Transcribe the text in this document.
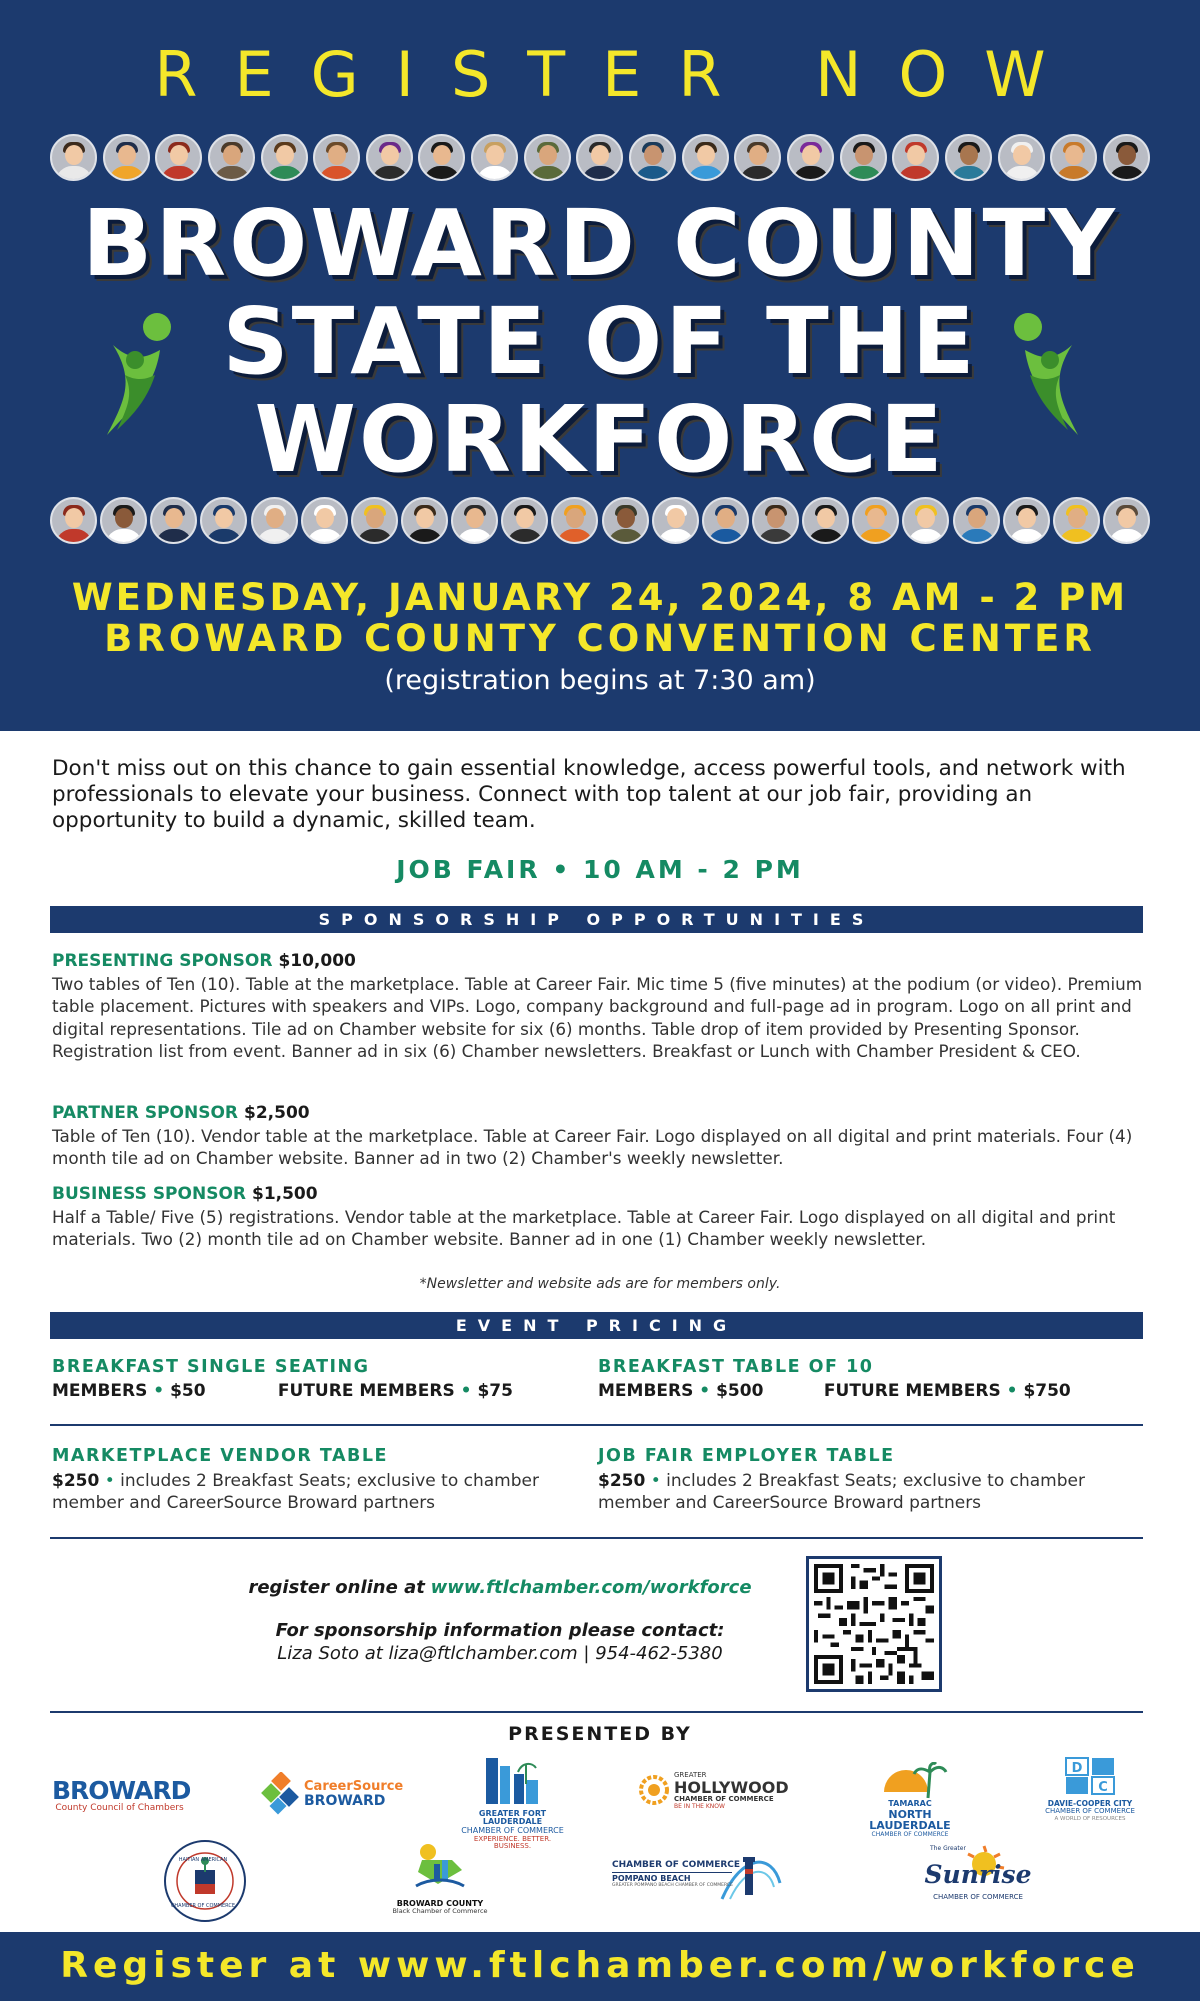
REGISTER NOW
BROWARD COUNTY
STATE OF THE
WORKFORCE
WEDNESDAY, JANUARY 24, 2024, 8 AM - 2 PM
BROWARD COUNTY CONVENTION CENTER
(registration begins at 7:30 am)

Don't miss out on this chance to gain essential knowledge, access powerful tools, and network with professionals to elevate your business. Connect with top talent at our job fair, providing an opportunity to build a dynamic, skilled team.

JOB FAIR • 10 AM - 2 PM
SPONSORSHIP OPPORTUNITIES
PRESENTING SPONSOR $10,000
Two tables of Ten (10). Table at the marketplace. Table at Career Fair. Mic time 5 (five minutes) at the podium (or video). Premium table placement. Pictures with speakers and VIPs. Logo, company background and full-page ad in program. Logo on all print and digital representations. Tile ad on Chamber website for six (6) months. Table drop of item provided by Presenting Sponsor. Registration list from event. Banner ad in six (6) Chamber newsletters. Breakfast or Lunch with Chamber President & CEO.
PARTNER SPONSOR $2,500
Table of Ten (10). Vendor table at the marketplace. Table at Career Fair. Logo displayed on all digital and print materials. Four (4) month tile ad on Chamber website. Banner ad in two (2) Chamber's weekly newsletter.
BUSINESS SPONSOR $1,500
Half a Table/ Five (5) registrations. Vendor table at the marketplace. Table at Career Fair. Logo displayed on all digital and print materials. Two (2) month tile ad on Chamber website. Banner ad in one (1) Chamber weekly newsletter.
*Newsletter and website ads are for members only.
EVENT PRICING
BREAKFAST SINGLE SEATING
MEMBERS • $50	FUTURE MEMBERS • $75
BREAKFAST TABLE OF 10
MEMBERS • $500	FUTURE MEMBERS • $750
MARKETPLACE VENDOR TABLE
$250 • includes 2 Breakfast Seats; exclusive to chamber member and CareerSource Broward partners
JOB FAIR EMPLOYER TABLE
$250 • includes 2 Breakfast Seats; exclusive to chamber member and CareerSource Broward partners
register online at www.ftlchamber.com/workforce
For sponsorship information please contact:
Liza Soto at liza@ftlchamber.com | 954-462-5380
PRESENTED BY
BROWARD
County Council of Chambers
CareerSource
BROWARD
GREATER FORT LAUDERDALE
CHAMBER OF COMMERCE
EXPERIENCE. BETTER. BUSINESS.
GREATER
HOLLYWOOD
CHAMBER OF COMMERCE
BE IN THE KNOW	TAMARAC
NORTH LAUDERDALE
CHAMBER OF COMMERCE
D
C
DAVIE-COOPER CITY
CHAMBER OF COMMERCE
A WORLD OF RESOURCES
HAITIAN AMERICAN
CHAMBER OF COMMERCE	BROWARD COUNTY
Black Chamber of Commerce
CHAMBER OF COMMERCE
POMPANO BEACH
GREATER POMPANO BEACH CHAMBER OF COMMERCE
The Greater
Sunrise
CHAMBER OF COMMERCE
Register at www.ftlchamber.com/workforce
